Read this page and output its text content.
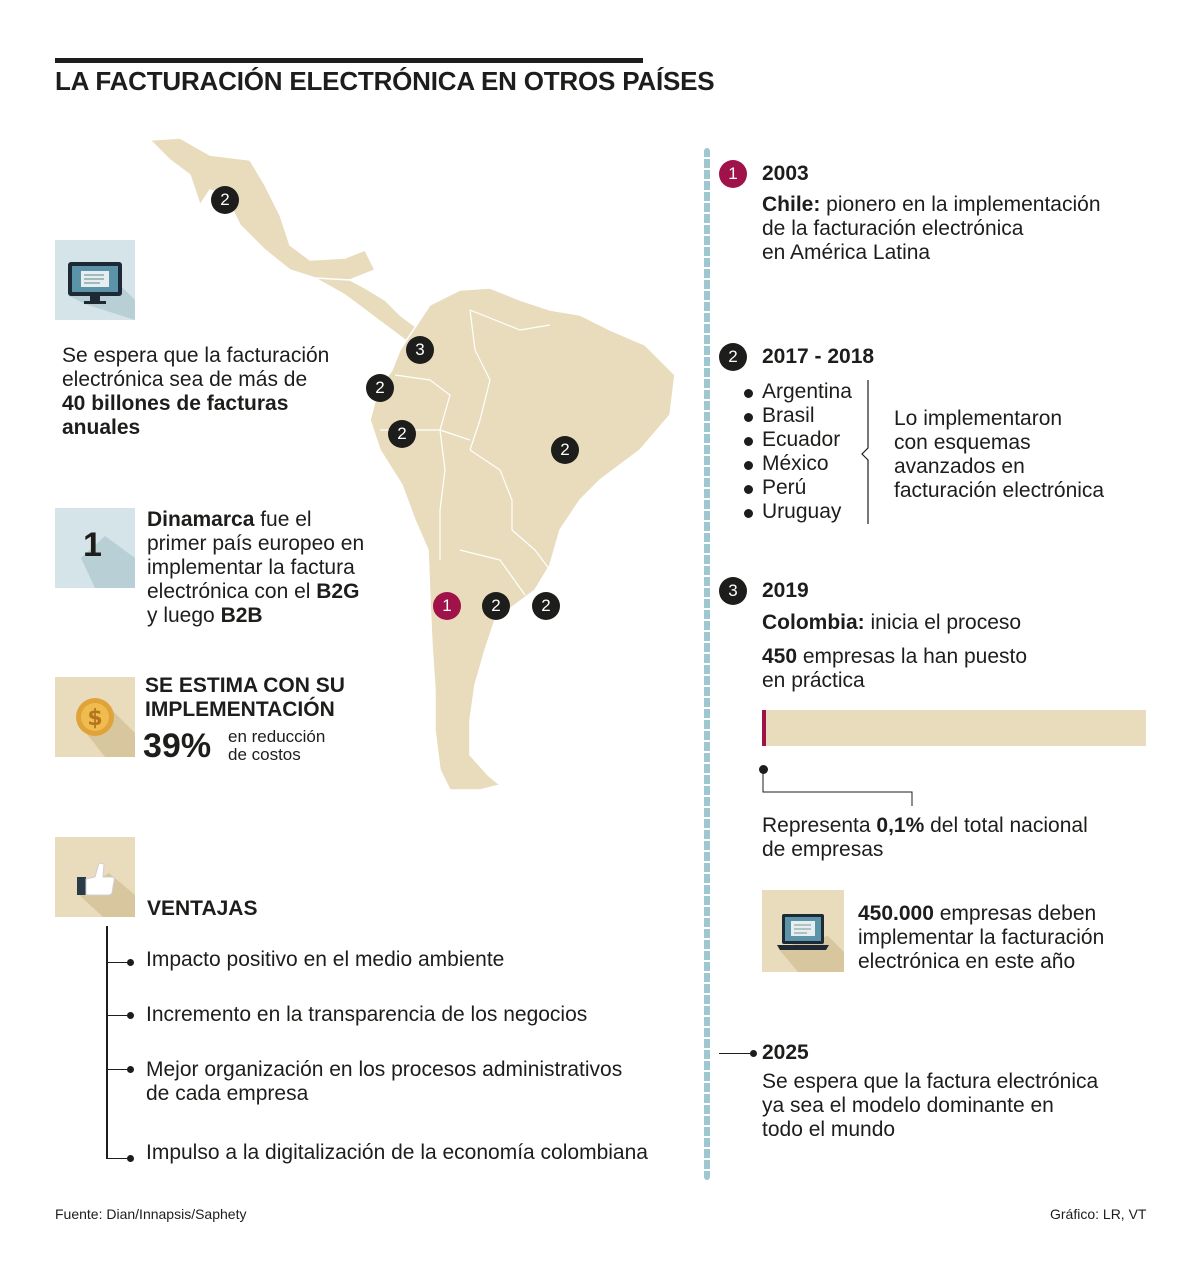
LA FACTURACIÓN ELECTRÓNICA EN OTROS PAÍSES
2
3
2
2
2
1	2	2
Se espera que la facturación
electrónica sea de más de
40 billones de facturas
anuales
1
Dinamarca fue el
primer país europeo en
implementar la factura
electrónica con el B2G
y luego B2B
$
SE ESTIMA CON SU
IMPLEMENTACIÓN
39% en reducción
de costos
VENTAJAS
Impacto positivo en el medio ambiente
Incremento en la transparencia de los negocios
Mejor organización en los procesos administrativos
de cada empresa
Impulso a la digitalización de la economía colombiana
1	2003
Chile: pionero en la implementación
de la facturación electrónica
en América Latina
2	2017 - 2018
Argentina
Brasil
Ecuador
México
Perú
Uruguay
Lo implementaron
con esquemas
avanzados en
facturación electrónica
3	2019
Colombia: inicia el proceso
450 empresas la han puesto
en práctica
Representa 0,1% del total nacional
de empresas
450.000 empresas deben
implementar la facturación
electrónica en este año
2025
Se espera que la factura electrónica
ya sea el modelo dominante en
todo el mundo
Fuente: Dian/Innapsis/Saphety	Gráfico: LR, VT
